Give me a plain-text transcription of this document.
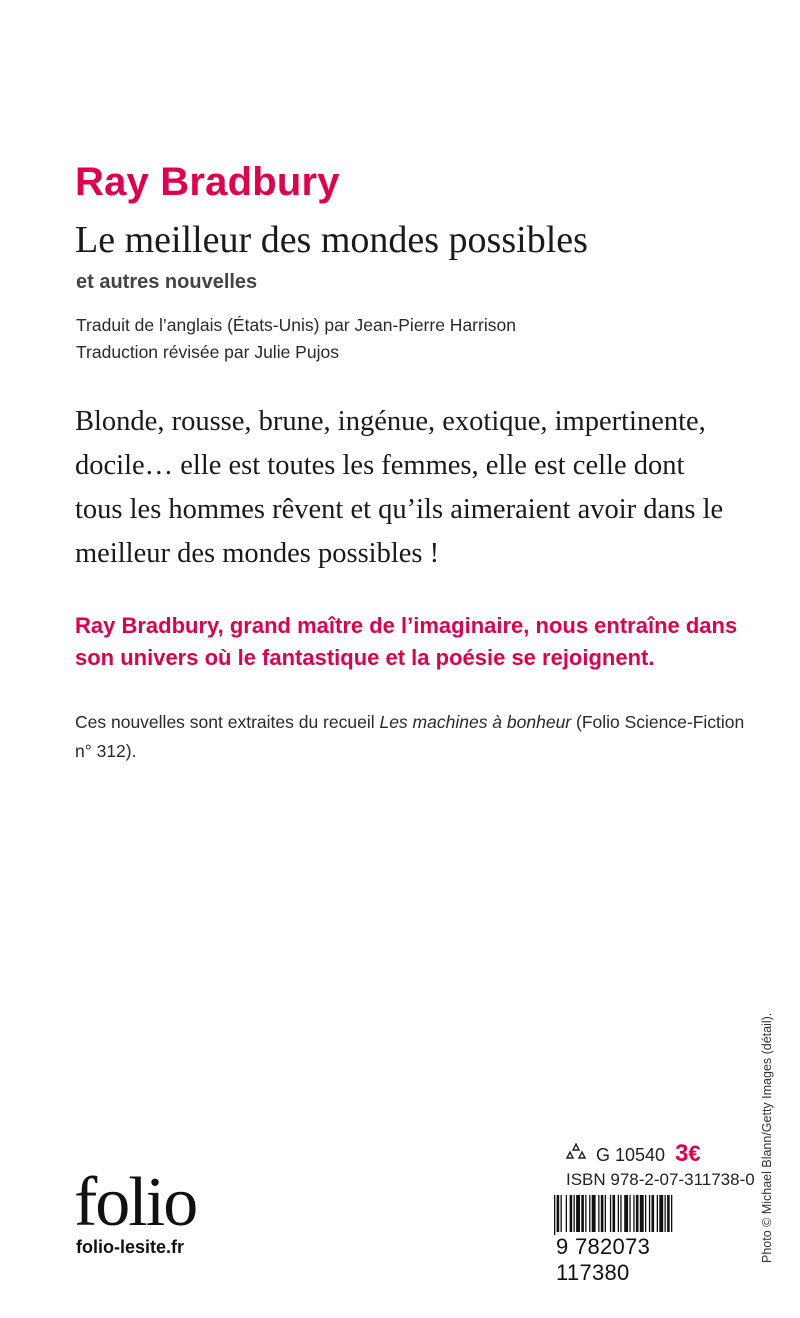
Ray Bradbury
Le meilleur des mondes possibles
et autres nouvelles
Traduit de l’anglais (États-Unis) par Jean-Pierre Harrison
Traduction révisée par Julie Pujos
Blonde, rousse, brune, ingénue, exotique, impertinente, docile… elle est toutes les femmes, elle est celle dont tous les hommes rêvent et qu’ils aimeraient avoir dans le meilleur des mondes possibles !
Ray Bradbury, grand maître de l’imaginaire, nous entraîne dans son univers où le fantastique et la poésie se rejoignent.
Ces nouvelles sont extraites du recueil Les machines à bonheur (Folio Science-Fiction n° 312).
folio
folio-lesite.fr
G 10540 3€
ISBN 978-2-07-311738-0
9 782073 117380
Photo © Michael Blann/Getty Images (détail).
